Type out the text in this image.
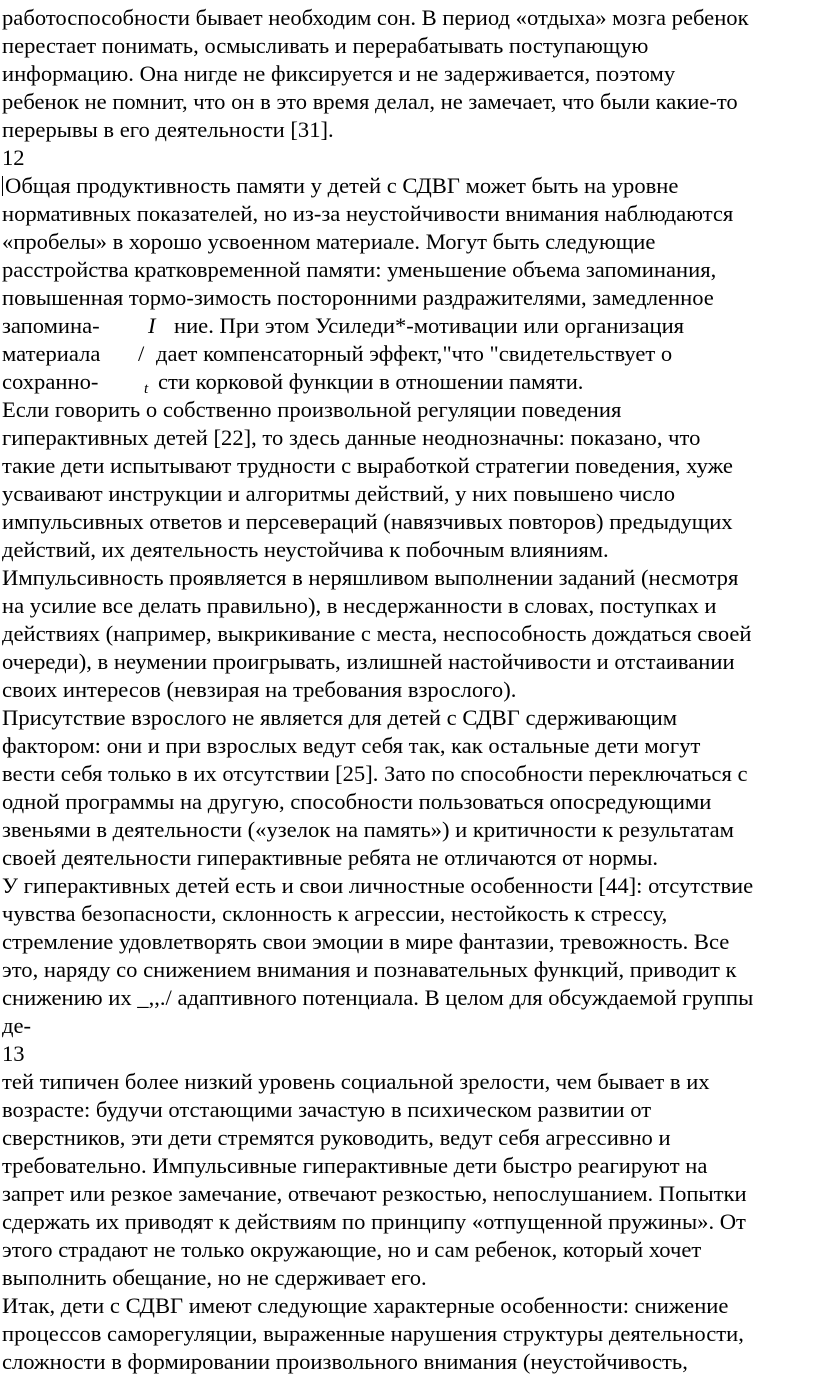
работоспособности бывает необходим сон. В период «отдыха» мозга ребенок
перестает понимать, осмысливать и перерабатывать поступающую
информацию. Она нигде не фиксируется и не задерживается, поэтому
ребенок не помнит, что он в это время делал, не замечает, что были какие-то
перерывы в его деятельности [31].
12
Общая продуктивность памяти у детей с СДВГ может быть на уровне
нормативных показателей, но из-за неустойчивости внимания наблюдаются
«пробелы» в хорошо усвоенном материале. Могут быть следующие
расстройства кратковременной памяти: уменьшение объема запоминания,
повышенная тормо-зимость посторонними раздражителями, замедленное
запомина- I ние. При этом Усиледи*-мотивации или организация
материала / дает компенсаторный эффект,"что "свидетельствует о
сохранно-	t сти корковой функции в отношении памяти.
Если говорить о собственно произвольной регуляции поведения
гиперактивных детей [22], то здесь данные неоднозначны: показано, что
такие дети испытывают трудности с выработкой стратегии поведения, хуже
усваивают инструкции и алгоритмы действий, у них повышено число
импульсивных ответов и персевераций (навязчивых повторов) предыдущих
действий, их деятельность неустойчива к побочным влияниям.
Импульсивность проявляется в неряшливом выполнении заданий (несмотря
на усилие все делать правильно), в несдержанности в словах, поступках и
действиях (например, выкрикивание с места, неспособность дождаться своей
очереди), в неумении проигрывать, излишней настойчивости и отстаивании
своих интересов (невзирая на требования взрослого).
Присутствие взрослого не является для детей с СДВГ сдерживающим
фактором: они и при взрослых ведут себя так, как остальные дети могут
вести себя только в их отсутствии [25]. Зато по способности переключаться с
одной программы на другую, способности пользоваться опосредующими
звеньями в деятельности («узелок на память») и критичности к результатам
своей деятельности гиперактивные ребята не отличаются от нормы.
У гиперактивных детей есть и свои личностные особенности [44]: отсутствие
чувства безопасности, склонность к агрессии, нестойкость к стрессу,
стремление удовлетворять свои эмоции в мире фантазии, тревожность. Все
это, наряду со снижением внимания и познавательных функций, приводит к
снижению их _,,./ адаптивного потенциала. В целом для обсуждаемой группы
де-
13
тей типичен более низкий уровень социальной зрелости, чем бывает в их
возрасте: будучи отстающими зачастую в психическом развитии от
сверстников, эти дети стремятся руководить, ведут себя агрессивно и
требовательно. Импульсивные гиперактивные дети быстро реагируют на
запрет или резкое замечание, отвечают резкостью, непослушанием. Попытки
сдержать их приводят к действиям по принципу «отпущенной пружины». От
этого страдают не только окружающие, но и сам ребенок, который хочет
выполнить обещание, но не сдерживает его.
Итак, дети с СДВГ имеют следующие характерные особенности: снижение
процессов саморегуляции, выраженные нарушения структуры деятельности,
сложности в формировании произвольного внимания (неустойчивость,
